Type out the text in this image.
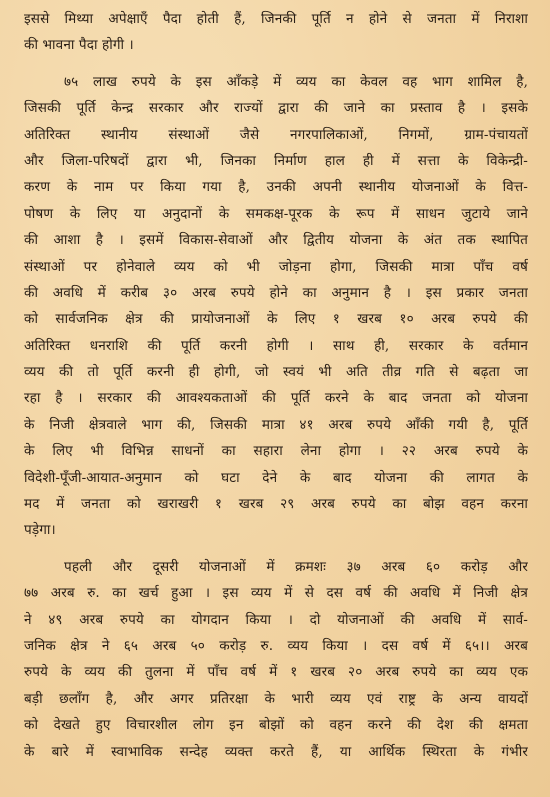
इससे मिथ्या अपेक्षाएँ पैदा होती हैं, जिनकी पूर्ति न होने से जनता में निराशा
की भावना पैदा होगी ।
७५ लाख रुपये के इस आँकड़े में व्यय का केवल वह भाग शामिल है,
जिसकी पूर्ति केन्द्र सरकार और राज्यों द्वारा की जाने का प्रस्ताव है । इसके
अतिरिक्त स्थानीय संस्थाओं जैसे नगरपालिकाओं, निगमों, ग्राम-पंचायतों
और जिला-परिषदों द्वारा भी, जिनका निर्माण हाल ही में सत्ता के विकेन्द्री-
करण के नाम पर किया गया है, उनकी अपनी स्थानीय योजनाओं के वित्त-
पोषण के लिए या अनुदानों के समकक्ष-पूरक के रूप में साधन जुटाये जाने
की आशा है । इसमें विकास-सेवाओं और द्वितीय योजना के अंत तक स्थापित
संस्थाओं पर होनेवाले व्यय को भी जोड़ना होगा, जिसकी मात्रा पाँच वर्ष
की अवधि में करीब ३० अरब रुपये होने का अनुमान है । इस प्रकार जनता
को सार्वजनिक क्षेत्र की प्रायोजनाओं के लिए १ खरब १० अरब रुपये की
अतिरिक्त धनराशि की पूर्ति करनी होगी । साथ ही, सरकार के वर्तमान
व्यय की तो पूर्ति करनी ही होगी, जो स्वयं भी अति तीव्र गति से बढ़ता जा
रहा है । सरकार की आवश्यकताओं की पूर्ति करने के बाद जनता को योजना
के निजी क्षेत्रवाले भाग की, जिसकी मात्रा ४१ अरब रुपये आँकी गयी है, पूर्ति
के लिए भी विभिन्न साधनों का सहारा लेना होगा । २२ अरब रुपये के
विदेशी-पूँजी-आयात-अनुमान को घटा देने के बाद योजना की लागत के
मद में जनता को खराखरी १ खरब २९ अरब रुपये का बोझ वहन करना
पड़ेगा।
पहली और दूसरी योजनाओं में क्रमशः ३७ अरब ६० करोड़ और
७७ अरब रु. का खर्च हुआ । इस व्यय में से दस वर्ष की अवधि में निजी क्षेत्र
ने ४९ अरब रुपये का योगदान किया । दो योजनाओं की अवधि में सार्व-
जनिक क्षेत्र ने ६५ अरब ५० करोड़ रु. व्यय किया । दस वर्ष में ६५।। अरब
रुपये के व्यय की तुलना में पाँच वर्ष में १ खरब २० अरब रुपये का व्यय एक
बड़ी छलाँग है, और अगर प्रतिरक्षा के भारी व्यय एवं राष्ट्र के अन्य वायदों
को देखते हुए विचारशील लोग इन बोझों को वहन करने की देश की क्षमता
के बारे में स्वाभाविक सन्देह व्यक्त करते हैं, या आर्थिक स्थिरता के गंभीर
